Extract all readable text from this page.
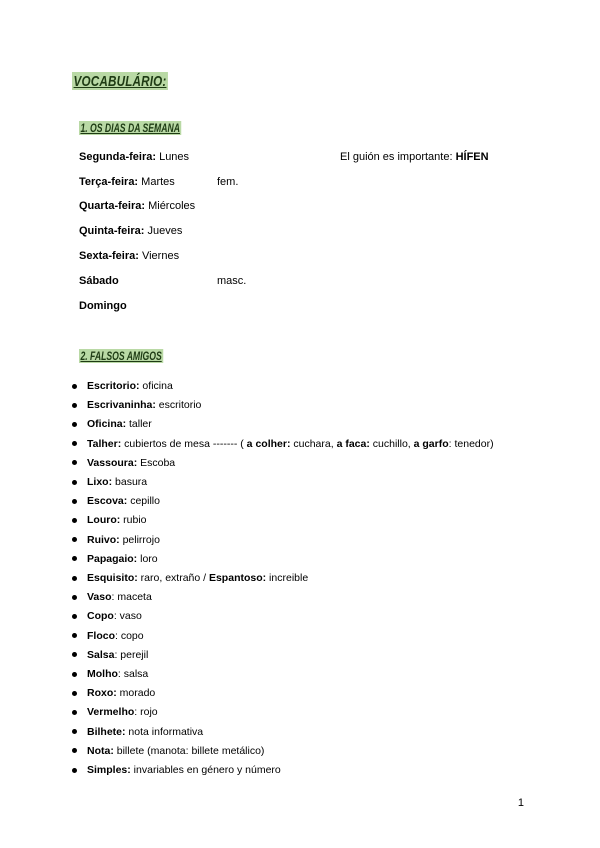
VOCABULÁRIO:
1. OS DIAS DA SEMANA
Segunda-feira: Lunes	El guión es importante: HÍFEN
Terça-feira: Martes	fem.
Quarta-feira: Miércoles
Quinta-feira: Jueves
Sexta-feira: Viernes
Sábado	masc.
Domingo
2. FALSOS AMIGOS
Escritorio: oficina
Escrivaninha: escritorio
Oficina: taller
Talher: cubiertos de mesa ------- ( a colher: cuchara, a faca: cuchillo, a garfo: tenedor)
Vassoura: Escoba
Lixo: basura
Escova: cepillo
Louro: rubio
Ruivo: pelirrojo
Papagaio: loro
Esquisito: raro, extraño / Espantoso: increible
Vaso: maceta
Copo: vaso
Floco: copo
Salsa: perejil
Molho: salsa
Roxo: morado
Vermelho: rojo
Bilhete: nota informativa
Nota: billete (manota: billete metálico)
Simples: invariables en género y número
1
